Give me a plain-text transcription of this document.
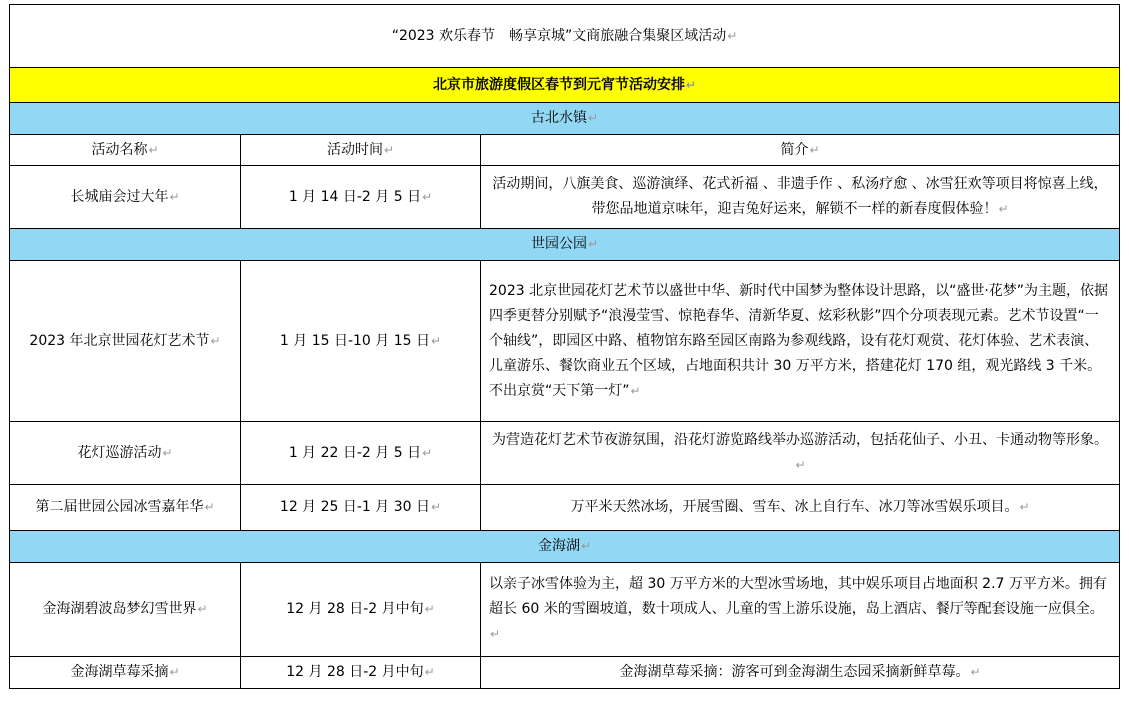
“2023 欢乐春节　畅享京城”文商旅融合集聚区域活动↵		
北京市旅游度假区春节到元宵节活动安排↵		
古北水镇↵		
活动名称↵	活动时间↵	简介↵
长城庙会过大年↵	1 月 14 日-2 月 5 日↵	活动期间，八旗美食、巡游演绎、花式祈福 、非遗手作 、私汤疗愈 、冰雪狂欢等项目将惊喜上线，带您品地道京味年，迎吉兔好运来，解锁不一样的新春度假体验！↵
世园公园↵		
2023 年北京世园花灯艺术节↵	1 月 15 日-10 月 15 日↵	2023 北京世园花灯艺术节以盛世中华、新时代中国梦为整体设计思路，以“盛世·花梦”为主题，依据四季更替分别赋予“浪漫莹雪、惊艳春华、清新华夏、炫彩秋影”四个分项表现元素。艺术节设置“一个轴线”，即园区中路、植物馆东路至园区南路为参观线路，设有花灯观赏、花灯体验、艺术表演、儿童游乐、餐饮商业五个区域，占地面积共计 30 万平方米，搭建花灯 170 组，观光路线 3 千米。不出京赏“天下第一灯”↵
花灯巡游活动↵	1 月 22 日-2 月 5 日↵	为营造花灯艺术节夜游氛围，沿花灯游览路线举办巡游活动，包括花仙子、小丑、卡通动物等形象。↵
第二届世园公园冰雪嘉年华↵	12 月 25 日-1 月 30 日↵	万平米天然冰场，开展雪圈、雪车、冰上自行车、冰刀等冰雪娱乐项目。↵
金海湖↵		
金海湖碧波岛梦幻雪世界↵	12 月 28 日-2 月中旬↵	以亲子冰雪体验为主，超 30 万平方米的大型冰雪场地，其中娱乐项目占地面积 2.7 万平方米。拥有超长 60 米的雪圈坡道，数十项成人、儿童的雪上游乐设施，岛上酒店、餐厅等配套设施一应俱全。↵
金海湖草莓采摘↵	12 月 28 日-2 月中旬↵	金海湖草莓采摘：游客可到金海湖生态园采摘新鲜草莓。↵
